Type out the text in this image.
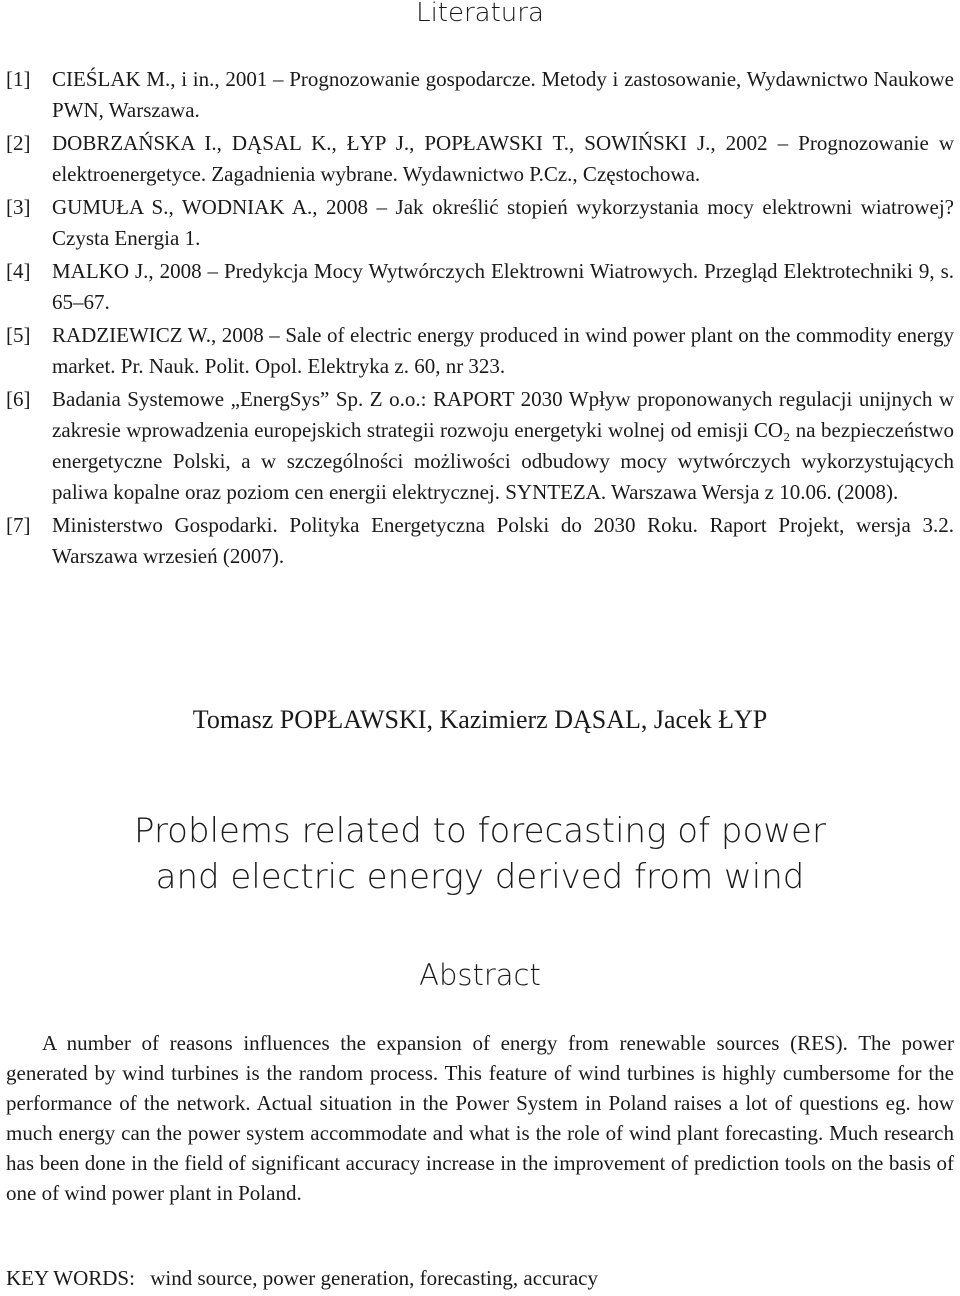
Literatura
[1] CIEŚLAK M., i in., 2001 – Prognozowanie gospodarcze. Metody i zastosowanie, Wydawnictwo Naukowe PWN, Warszawa.
[2] DOBRZAŃSKA I., DĄSAL K., ŁYP J., POPŁAWSKI T., SOWIŃSKI J., 2002 – Prognozowanie w elektroenergetyce. Zagadnienia wybrane. Wydawnictwo P.Cz., Częstochowa.
[3] GUMUŁA S., WODNIAK A., 2008 – Jak określić stopień wykorzystania mocy elektrowni wiatrowej? Czysta Energia 1.
[4] MALKO J., 2008 – Predykcja Mocy Wytwórczych Elektrowni Wiatrowych. Przegląd Elektrotechniki 9, s. 65–67.
[5] RADZIEWICZ W., 2008 – Sale of electric energy produced in wind power plant on the commodity energy market. Pr. Nauk. Polit. Opol. Elektryka z. 60, nr 323.
[6] Badania Systemowe „EnergSys” Sp. Z o.o.: RAPORT 2030 Wpływ proponowanych regulacji unijnych w zakresie wprowadzenia europejskich strategii rozwoju energetyki wolnej od emisji CO₂ na bezpieczeństwo energetyczne Polski, a w szczególności możliwości odbudowy mocy wytwórczych wykorzystujących paliwa kopalne oraz poziom cen energii elektrycznej. SYNTEZA. Warszawa Wersja z 10.06. (2008).
[7] Ministerstwo Gospodarki. Polityka Energetyczna Polski do 2030 Roku. Raport Projekt, wersja 3.2. Warszawa wrzesień (2007).
Tomasz POPŁAWSKI, Kazimierz DĄSAL, Jacek ŁYP
Problems related to forecasting of power
and electric energy derived from wind
Abstract
A number of reasons influences the expansion of energy from renewable sources (RES). The power generated by wind turbines is the random process. This feature of wind turbines is highly cumbersome for the performance of the network. Actual situation in the Power System in Poland raises a lot of questions eg. how much energy can the power system accommodate and what is the role of wind plant forecasting. Much research has been done in the field of significant accuracy increase in the improvement of prediction tools on the basis of one of wind power plant in Poland.
KEY WORDS: wind source, power generation, forecasting, accuracy
